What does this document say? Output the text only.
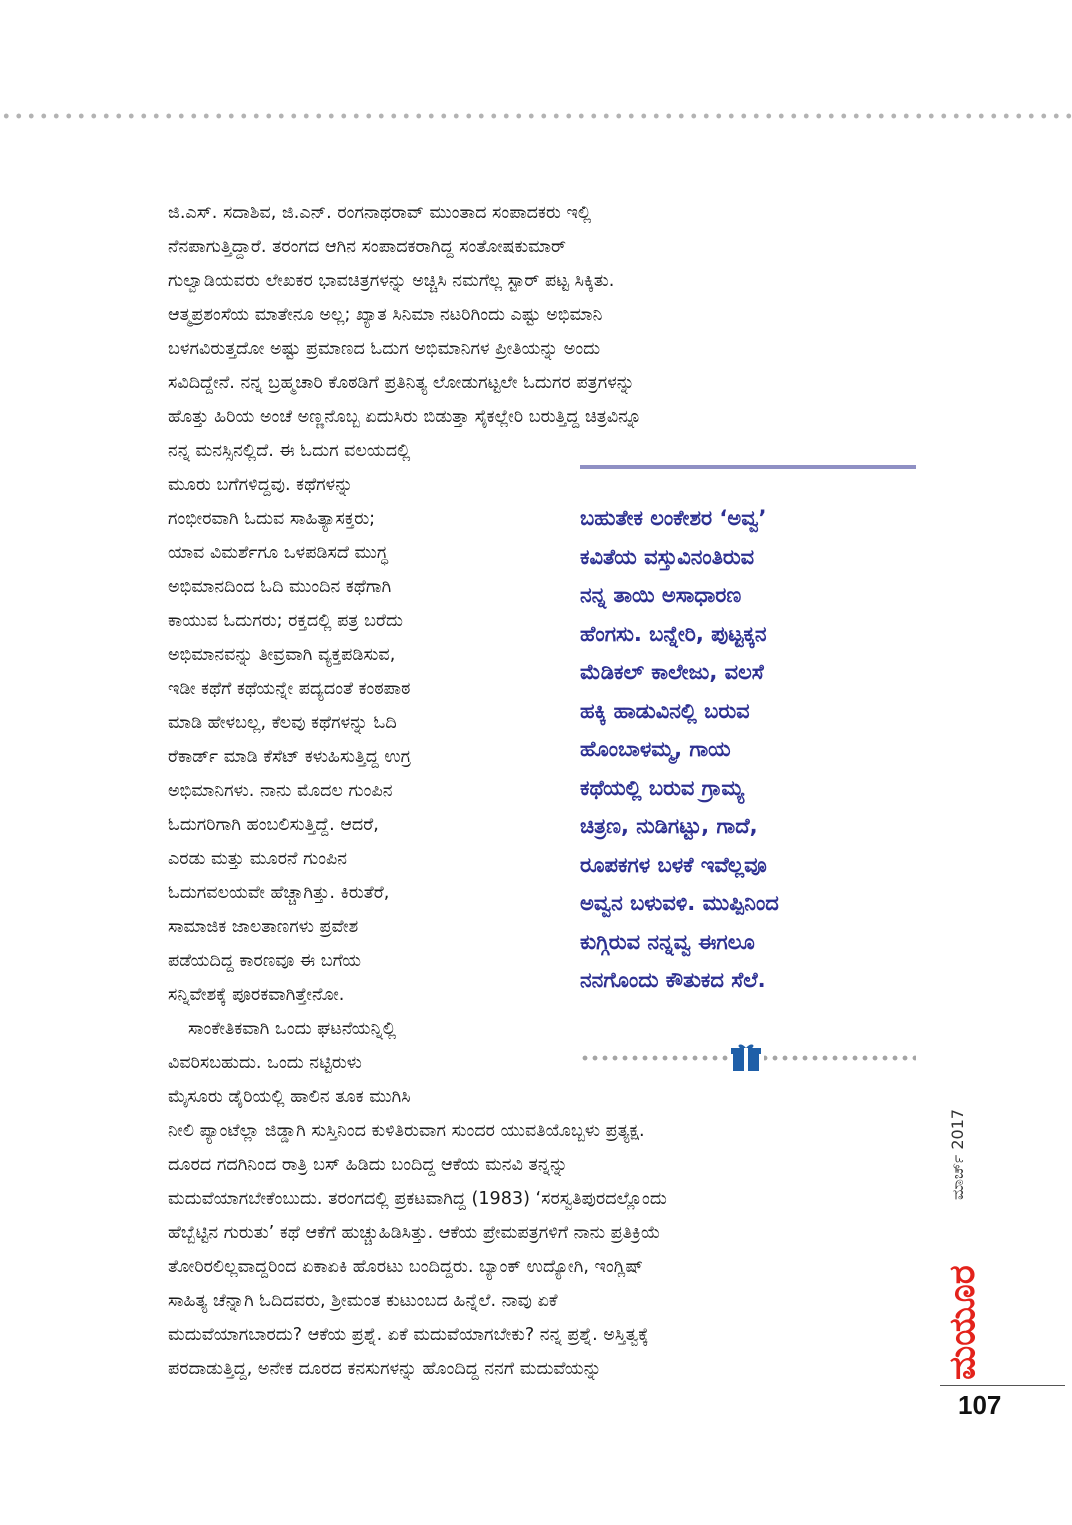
ಜಿ.ಎಸ್. ಸದಾಶಿವ, ಜಿ.ಎನ್. ರಂಗನಾಥರಾವ್ ಮುಂತಾದ ಸಂಪಾದಕರು ಇಲ್ಲಿ
ನೆನಪಾಗುತ್ತಿದ್ದಾರೆ. ತರಂಗದ ಆಗಿನ ಸಂಪಾದಕರಾಗಿದ್ದ ಸಂತೋಷಕುಮಾರ್
ಗುಲ್ವಾಡಿಯವರು ಲೇಖಕರ ಭಾವಚಿತ್ರಗಳನ್ನು ಅಚ್ಚಿಸಿ ನಮಗೆಲ್ಲ ಸ್ಟಾರ್ ಪಟ್ಟ ಸಿಕ್ಕಿತು.
ಆತ್ಮಪ್ರಶಂಸೆಯ ಮಾತೇನೂ ಅಲ್ಲ; ಖ್ಯಾತ ಸಿನಿಮಾ ನಟರಿಗಿಂದು ಎಷ್ಟು ಅಭಿಮಾನಿ
ಬಳಗವಿರುತ್ತದೋ ಅಷ್ಟು ಪ್ರಮಾಣದ ಓದುಗ ಅಭಿಮಾನಿಗಳ ಪ್ರೀತಿಯನ್ನು ಅಂದು
ಸವಿದಿದ್ದೇನೆ. ನನ್ನ ಬ್ರಹ್ಮಚಾರಿ ಕೊಠಡಿಗೆ ಪ್ರತಿನಿತ್ಯ ಲೋಡುಗಟ್ಟಲೇ ಓದುಗರ ಪತ್ರಗಳನ್ನು
ಹೊತ್ತು ಹಿರಿಯ ಅಂಚೆ ಅಣ್ಣನೊಬ್ಬ ಏದುಸಿರು ಬಿಡುತ್ತಾ ಸೈಕಲ್ಲೇರಿ ಬರುತ್ತಿದ್ದ ಚಿತ್ರವಿನ್ನೂ
ನನ್ನ ಮನಸ್ಸಿನಲ್ಲಿದೆ. ಈ ಓದುಗ ವಲಯದಲ್ಲಿ
ಮೂರು ಬಗೆಗಳಿದ್ದವು. ಕಥೆಗಳನ್ನು
ಗಂಭೀರವಾಗಿ ಓದುವ ಸಾಹಿತ್ಯಾಸಕ್ತರು;
ಯಾವ ವಿಮರ್ಶೆಗೂ ಒಳಪಡಿಸದೆ ಮುಗ್ಧ
ಅಭಿಮಾನದಿಂದ ಓದಿ ಮುಂದಿನ ಕಥೆಗಾಗಿ
ಕಾಯುವ ಓದುಗರು; ರಕ್ತದಲ್ಲಿ ಪತ್ರ ಬರೆದು
ಅಭಿಮಾನವನ್ನು ತೀವ್ರವಾಗಿ ವ್ಯಕ್ತಪಡಿಸುವ,
ಇಡೀ ಕಥೆಗೆ ಕಥೆಯನ್ನೇ ಪದ್ಯದಂತೆ ಕಂಠಪಾಠ
ಮಾಡಿ ಹೇಳಬಲ್ಲ, ಕೆಲವು ಕಥೆಗಳನ್ನು ಓದಿ
ರೆಕಾರ್ಡ್ ಮಾಡಿ ಕೆಸೆಟ್ ಕಳುಹಿಸುತ್ತಿದ್ದ ಉಗ್ರ
ಅಭಿಮಾನಿಗಳು. ನಾನು ಮೊದಲ ಗುಂಪಿನ
ಓದುಗರಿಗಾಗಿ ಹಂಬಲಿಸುತ್ತಿದ್ದೆ. ಆದರೆ,
ಎರಡು ಮತ್ತು ಮೂರನೆ ಗುಂಪಿನ
ಓದುಗವಲಯವೇ ಹೆಚ್ಚಾಗಿತ್ತು. ಕಿರುತೆರೆ,
ಸಾಮಾಜಿಕ ಜಾಲತಾಣಗಳು ಪ್ರವೇಶ
ಪಡೆಯದಿದ್ದ ಕಾರಣವೂ ಈ ಬಗೆಯ
ಸನ್ನಿವೇಶಕ್ಕೆ ಪೂರಕವಾಗಿತ್ತೇನೋ.
ಸಾಂಕೇತಿಕವಾಗಿ ಒಂದು ಘಟನೆಯನ್ನಿಲ್ಲಿ
ವಿವರಿಸಬಹುದು. ಒಂದು ನಟ್ಟಿರುಳು
ಮೈಸೂರು ಡೈರಿಯಲ್ಲಿ ಹಾಲಿನ ತೂಕ ಮುಗಿಸಿ
ನೀಲಿ ಪ್ಯಾಂಟೆಲ್ಲಾ ಜಿಡ್ಡಾಗಿ ಸುಸ್ತಿನಿಂದ ಕುಳಿತಿರುವಾಗ ಸುಂದರ ಯುವತಿಯೊಬ್ಬಳು ಪ್ರತ್ಯಕ್ಷ.
ದೂರದ ಗದಗಿನಿಂದ ರಾತ್ರಿ ಬಸ್ ಹಿಡಿದು ಬಂದಿದ್ದ ಆಕೆಯ ಮನವಿ ತನ್ನನ್ನು
ಮದುವೆಯಾಗಬೇಕೆಂಬುದು. ತರಂಗದಲ್ಲಿ ಪ್ರಕಟವಾಗಿದ್ದ (1983) ‘ಸರಸ್ವತಿಪುರದಲ್ಲೊಂದು
ಹೆಬ್ಬೆಟ್ಟಿನ ಗುರುತು’ ಕಥೆ ಆಕೆಗೆ ಹುಚ್ಚುಹಿಡಿಸಿತ್ತು. ಆಕೆಯ ಪ್ರೇಮಪತ್ರಗಳಿಗೆ ನಾನು ಪ್ರತಿಕ್ರಿಯೆ
ತೋರಿರಲಿಲ್ಲವಾದ್ದರಿಂದ ಏಕಾಏಕಿ ಹೊರಟು ಬಂದಿದ್ದರು. ಬ್ಯಾಂಕ್ ಉದ್ಯೋಗಿ, ಇಂಗ್ಲಿಷ್
ಸಾಹಿತ್ಯ ಚೆನ್ನಾಗಿ ಓದಿದವರು, ಶ್ರೀಮಂತ ಕುಟುಂಬದ ಹಿನ್ನೆಲೆ. ನಾವು ಏಕೆ
ಮದುವೆಯಾಗಬಾರದು? ಆಕೆಯ ಪ್ರಶ್ನೆ. ಏಕೆ ಮದುವೆಯಾಗಬೇಕು? ನನ್ನ ಪ್ರಶ್ನೆ. ಅಸ್ತಿತ್ವಕ್ಕೆ
ಪರದಾಡುತ್ತಿದ್ದ, ಅನೇಕ ದೂರದ ಕನಸುಗಳನ್ನು ಹೊಂದಿದ್ದ ನನಗೆ ಮದುವೆಯನ್ನು
ಬಹುತೇಕ ಲಂಕೇಶರ ‘ಅವ್ವ’
ಕವಿತೆಯ ವಸ್ತುವಿನಂತಿರುವ
ನನ್ನ ತಾಯಿ ಅಸಾಧಾರಣ
ಹೆಂಗಸು. ಬನ್ನೇರಿ, ಪುಟ್ಟಕ್ಕನ
ಮೆಡಿಕಲ್ ಕಾಲೇಜು, ವಲಸೆ
ಹಕ್ಕಿ ಹಾಡುವಿನಲ್ಲಿ ಬರುವ
ಹೊಂಬಾಳಮ್ಮ, ಗಾಯ
ಕಥೆಯಲ್ಲಿ ಬರುವ ಗ್ರಾಮ್ಯ
ಚಿತ್ರಣ, ನುಡಿಗಟ್ಟು, ಗಾದೆ,
ರೂಪಕಗಳ ಬಳಕೆ ಇವೆಲ್ಲವೂ
ಅವ್ವನ ಬಳುವಳಿ. ಮುಪ್ಪಿನಿಂದ
ಕುಗ್ಗಿರುವ ನನ್ನವ್ವ ಈಗಲೂ
ನನಗೊಂದು ಕೌತುಕದ ಸೆಲೆ.
ಮಾರ್ಚ್ 2017
ಮಯೂರ
107
